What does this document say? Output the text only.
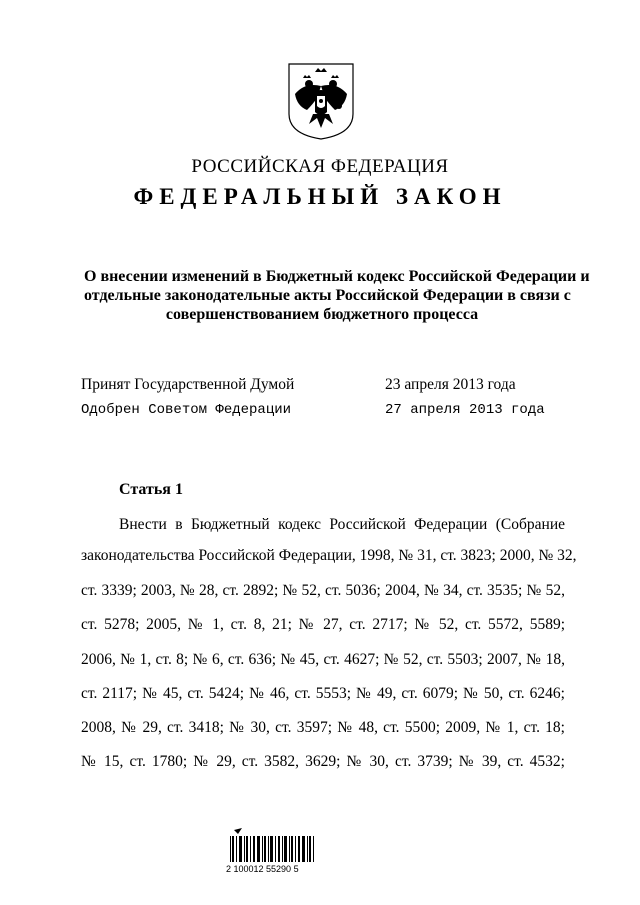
РОССИЙСКАЯ ФЕДЕРАЦИЯ
ФЕДЕРАЛЬНЫЙ ЗАКОН
О внесении изменений в Бюджетный кодекс Российской Федерации и
отдельные законодательные акты Российской Федерации в связи с
совершенствованием бюджетного процесса
Принят Государственной Думой	23 апреля 2013 года
Одобрен Советом Федерации	27 апреля 2013 года
Статья 1
Внести в Бюджетный кодекс Российской Федерации (Собрание
законодательства Российской Федерации, 1998, № 31, ст. 3823; 2000, № 32,
ст. 3339; 2003, № 28, ст. 2892; № 52, ст. 5036; 2004, № 34, ст. 3535; № 52,
ст. 5278; 2005, № 1, ст. 8, 21; № 27, ст. 2717; № 52, ст. 5572, 5589;
2006, № 1, ст. 8; № 6, ст. 636; № 45, ст. 4627; № 52, ст. 5503; 2007, № 18,
ст. 2117; № 45, ст. 5424; № 46, ст. 5553; № 49, ст. 6079; № 50, ст. 6246;
2008, № 29, ст. 3418; № 30, ст. 3597; № 48, ст. 5500; 2009, № 1, ст. 18;
№ 15, ст. 1780; № 29, ст. 3582, 3629; № 30, ст. 3739; № 39, ст. 4532;
2 100012 55290 5
